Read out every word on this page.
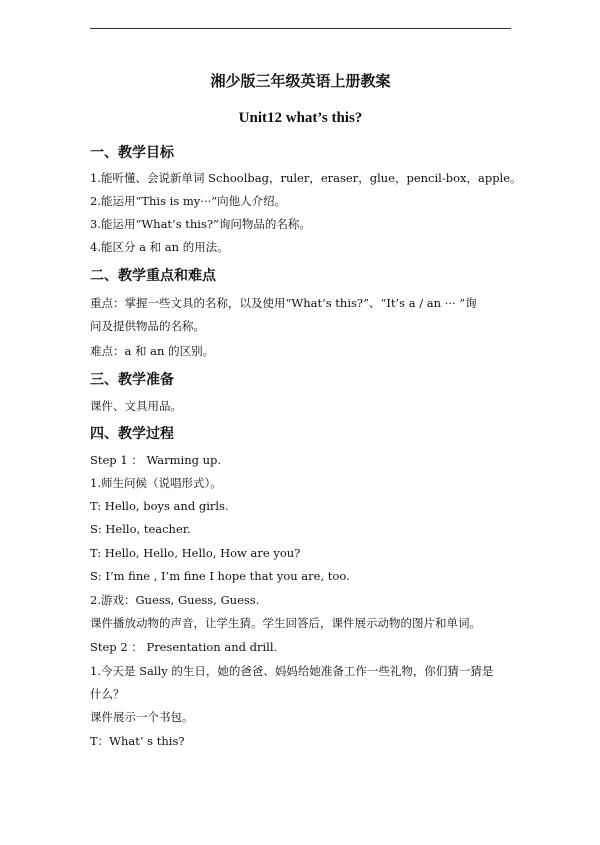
湘少版三年级英语上册教案

Unit12 what’s this?

一、教学目标
1.能听懂、会说新单词 Schoolbag，ruler，eraser，glue，pencil-box，apple。
2.能运用“This is my···”向他人介绍。
3.能运用“What’s this?”询问物品的名称。
4.能区分 a 和 an 的用法。
二、教学重点和难点
重点：掌握一些文具的名称，以及使用“What’s this?”、“It’s a / an ··· ”询
问及提供物品的名称。
难点：a 和 an 的区别。
三、教学准备
课件、文具用品。
四、教学过程
Step 1 ： Warming up.
1.师生问候（说唱形式）。
T: Hello, boys and girls.
S: Hello, teacher.
T: Hello, Hello, Hello, How are you?
S: I’m fine , I’m fine I hope that you are, too.
2.游戏：Guess, Guess, Guess.
课件播放动物的声音，让学生猜。学生回答后，课件展示动物的图片和单词。
Step 2 ： Presentation and drill.
1.今天是 Sally 的生日，她的爸爸、妈妈给她准备工作一些礼物，你们猜一猜是
什么？
课件展示一个书包。
T：What’ s this?
